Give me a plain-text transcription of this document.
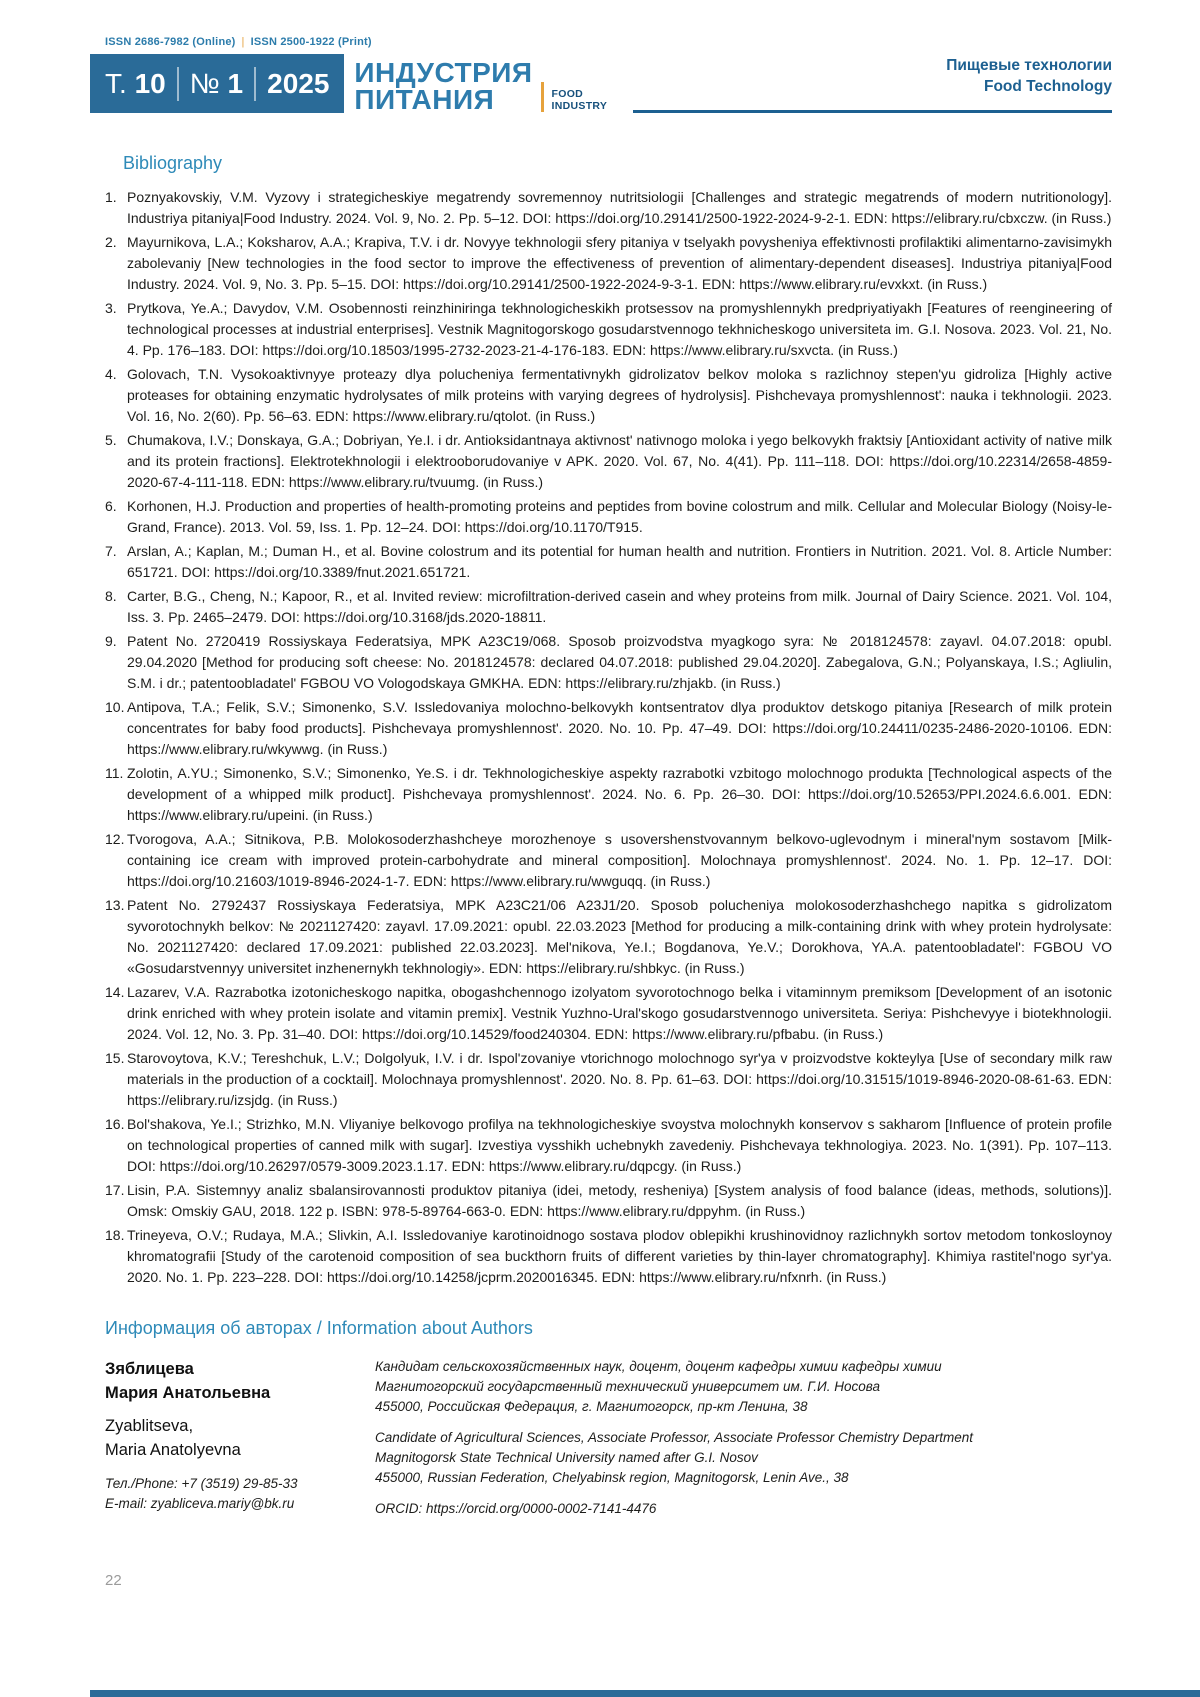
ISSN 2686-7982 (Online) | ISSN 2500-1922 (Print)
Т. 10 № 1 2025 ИНДУСТРИЯ
ПИТАНИЯ	FOOD
INDUSTRY
Пищевые технологии
Food Technology
Bibliography
Poznyakovskiy, V.M. Vyzovy i strategicheskiye megatrendy sovremennoy nutritsiologii [Challenges and strategic megatrends of modern nutritionology]. Industriya pitaniya|Food Industry. 2024. Vol. 9, No. 2. Pp. 5–12. DOI: https://doi.org/10.29141/2500-1922-2024-9-2-1. EDN: https://elibrary.ru/cbxczw. (in Russ.)
Mayurnikova, L.A.; Koksharov, A.A.; Krapiva, T.V. i dr. Novyye tekhnologii sfery pitaniya v tselyakh povysheniya effektivnosti profilaktiki alimentarno-zavisimykh zabolevaniy [New technologies in the food sector to improve the effectiveness of prevention of alimentary-dependent diseases]. Industriya pitaniya|Food Industry. 2024. Vol. 9, No. 3. Pp. 5–15. DOI: https://doi.org/10.29141/2500-1922-2024-9-3-1. EDN: https://www.elibrary.ru/evxkxt. (in Russ.)
Prytkova, Ye.A.; Davydov, V.M. Osobennosti reinzhiniringa tekhnologicheskikh protsessov na promyshlennykh predpriyatiyakh [Features of reengineering of technological processes at industrial enterprises]. Vestnik Magnitogorskogo gosudarstvennogo tekhnicheskogo universiteta im. G.I. Nosova. 2023. Vol. 21, No. 4. Pp. 176–183. DOI: https://doi.org/10.18503/1995-2732-2023-21-4-176-183. EDN: https://www.elibrary.ru/sxvcta. (in Russ.)
Golovach, T.N. Vysokoaktivnyye proteazy dlya polucheniya fermentativnykh gidrolizatov belkov moloka s razlichnoy stepen'yu gidroliza [Highly active proteases for obtaining enzymatic hydrolysates of milk proteins with varying degrees of hydrolysis]. Pishchevaya promyshlennost': nauka i tekhnologii. 2023. Vol. 16, No. 2(60). Pp. 56–63. EDN: https://www.elibrary.ru/qtolot. (in Russ.)
Chumakova, I.V.; Donskaya, G.A.; Dobriyan, Ye.I. i dr. Antioksidantnaya aktivnost' nativnogo moloka i yego belkovykh fraktsiy [Antioxidant activity of native milk and its protein fractions]. Elektrotekhnologii i elektrooborudovaniye v APK. 2020. Vol. 67, No. 4(41). Pp. 111–118. DOI: https://doi.org/10.22314/2658-4859-2020-67-4-111-118. EDN: https://www.elibrary.ru/tvuumg. (in Russ.)
Korhonen, H.J. Production and properties of health-promoting proteins and peptides from bovine colostrum and milk. Cellular and Molecular Biology (Noisy-le-Grand, France). 2013. Vol. 59, Iss. 1. Pp. 12–24. DOI: https://doi.org/10.1170/T915.
Arslan, A.; Kaplan, M.; Duman H., et al. Bovine colostrum and its potential for human health and nutrition. Frontiers in Nutrition. 2021. Vol. 8. Article Number: 651721. DOI: https://doi.org/10.3389/fnut.2021.651721.
Carter, B.G., Cheng, N.; Kapoor, R., et al. Invited review: microfiltration-derived casein and whey proteins from milk. Journal of Dairy Science. 2021. Vol. 104, Iss. 3. Pp. 2465–2479. DOI: https://doi.org/10.3168/jds.2020-18811.
Patent No. 2720419 Rossiyskaya Federatsiya, MPK A23C19/068. Sposob proizvodstva myagkogo syra: № 2018124578: zayavl. 04.07.2018: opubl. 29.04.2020 [Method for producing soft cheese: No. 2018124578: declared 04.07.2018: published 29.04.2020]. Zabegalova, G.N.; Polyanskaya, I.S.; Agliulin, S.M. i dr.; patentoobladatel' FGBOU VO Vologodskaya GMKHA. EDN: https://elibrary.ru/zhjakb. (in Russ.)
Antipova, T.A.; Felik, S.V.; Simonenko, S.V. Issledovaniya molochno-belkovykh kontsentratov dlya produktov detskogo pitaniya [Research of milk protein concentrates for baby food products]. Pishchevaya promyshlennost'. 2020. No. 10. Pp. 47–49. DOI: https://doi.org/10.24411/0235-2486-2020-10106. EDN: https://www.elibrary.ru/wkywwg. (in Russ.)
Zolotin, A.YU.; Simonenko, S.V.; Simonenko, Ye.S. i dr. Tekhnologicheskiye aspekty razrabotki vzbitogo molochnogo produkta [Technological aspects of the development of a whipped milk product]. Pishchevaya promyshlennost'. 2024. No. 6. Pp. 26–30. DOI: https://doi.org/10.52653/PPI.2024.6.6.001. EDN: https://www.elibrary.ru/upeini. (in Russ.)
Tvorogova, A.A.; Sitnikova, P.B. Molokosoderzhashcheye morozhenoye s usovershenstvovannym belkovo-uglevodnym i mineral'nym sostavom [Milk-containing ice cream with improved protein-carbohydrate and mineral composition]. Molochnaya promyshlennost'. 2024. No. 1. Pp. 12–17. DOI: https://doi.org/10.21603/1019-8946-2024-1-7. EDN: https://www.elibrary.ru/wwguqq. (in Russ.)
Patent No. 2792437 Rossiyskaya Federatsiya, MPK A23C21/06 A23J1/20. Sposob polucheniya molokosoderzhashchego napitka s gidrolizatom syvorotochnykh belkov: № 2021127420: zayavl. 17.09.2021: opubl. 22.03.2023 [Method for producing a milk-containing drink with whey protein hydrolysate: No. 2021127420: declared 17.09.2021: published 22.03.2023]. Mel'nikova, Ye.I.; Bogdanova, Ye.V.; Dorokhova, YA.A. patentoobladatel': FGBOU VO «Gosudarstvennyy universitet inzhenernykh tekhnologiy». EDN: https://elibrary.ru/shbkyc. (in Russ.)
Lazarev, V.A. Razrabotka izotonicheskogo napitka, obogashchennogo izolyatom syvorotochnogo belka i vitaminnym premiksom [Development of an isotonic drink enriched with whey protein isolate and vitamin premix]. Vestnik Yuzhno-Ural'skogo gosudarstvennogo universiteta. Seriya: Pishchevyye i biotekhnologii. 2024. Vol. 12, No. 3. Pp. 31–40. DOI: https://doi.org/10.14529/food240304. EDN: https://www.elibrary.ru/pfbabu. (in Russ.)
Starovoytova, K.V.; Tereshchuk, L.V.; Dolgolyuk, I.V. i dr. Ispol'zovaniye vtorichnogo molochnogo syr'ya v proizvodstve kokteylya [Use of secondary milk raw materials in the production of a cocktail]. Molochnaya promyshlennost'. 2020. No. 8. Pp. 61–63. DOI: https://doi.org/10.31515/1019-8946-2020-08-61-63. EDN: https://elibrary.ru/izsjdg. (in Russ.)
Bol'shakova, Ye.I.; Strizhko, M.N. Vliyaniye belkovogo profilya na tekhnologicheskiye svoystva molochnykh konservov s sakharom [Influence of protein profile on technological properties of canned milk with sugar]. Izvestiya vysshikh uchebnykh zavedeniy. Pishchevaya tekhnologiya. 2023. No. 1(391). Pp. 107–113. DOI: https://doi.org/10.26297/0579-3009.2023.1.17. EDN: https://www.elibrary.ru/dqpcgy. (in Russ.)
Lisin, P.A. Sistemnyy analiz sbalansirovannosti produktov pitaniya (idei, metody, resheniya) [System analysis of food balance (ideas, methods, solutions)]. Omsk: Omskiy GAU, 2018. 122 p. ISBN: 978-5-89764-663-0. EDN: https://www.elibrary.ru/dppyhm. (in Russ.)
Trineyeva, O.V.; Rudaya, M.A.; Slivkin, A.I. Issledovaniye karotinoidnogo sostava plodov oblepikhi krushinovidnoy razlichnykh sortov metodom tonkosloynoy khromatografii [Study of the carotenoid composition of sea buckthorn fruits of different varieties by thin-layer chromatography]. Khimiya rastitel'nogo syr'ya. 2020. No. 1. Pp. 223–228. DOI: https://doi.org/10.14258/jcprm.2020016345. EDN: https://www.elibrary.ru/nfxnrh. (in Russ.)
Информация об авторах / Information about Authors
Зяблицева
Мария Анатольевна
Zyablitseva,
Maria Anatolyevna
Тел./Phone: +7 (3519) 29-85-33
E-mail: zyabliceva.mariy@bk.ru
Кандидат сельскохозяйственных наук, доцент, доцент кафедры химии кафедры химии
Магнитогорский государственный технический университет им. Г.И. Носова
455000, Российская Федерация, г. Магнитогорск, пр-кт Ленина, 38
Candidate of Agricultural Sciences, Associate Professor, Associate Professor Chemistry Department
Magnitogorsk State Technical University named after G.I. Nosov
455000, Russian Federation, Chelyabinsk region, Magnitogorsk, Lenin Ave., 38
ORCID: https://orcid.org/0000-0002-7141-4476
22
